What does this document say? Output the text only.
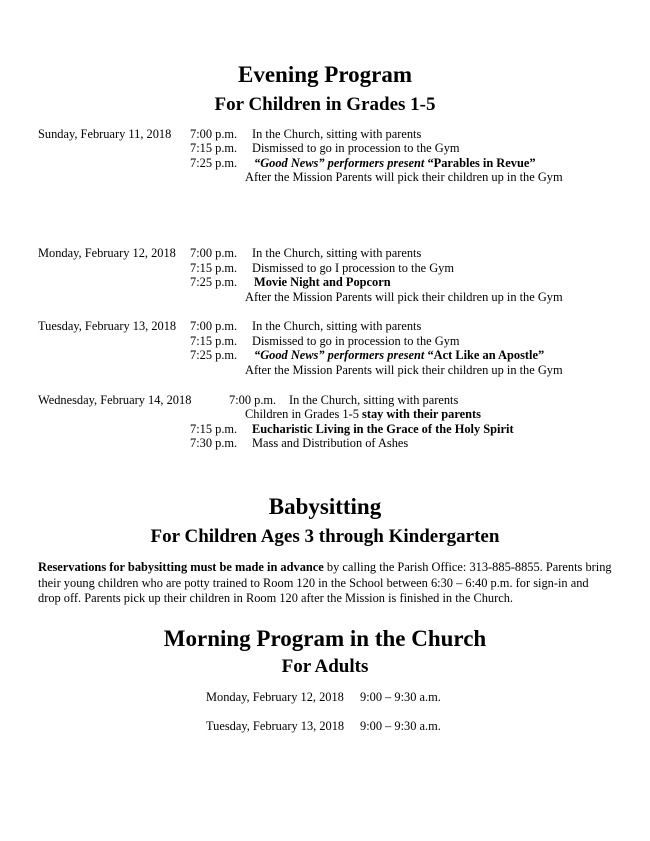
Evening Program
For Children in Grades 1-5
Sunday, February 11, 2018 7:00 p.m. In the Church, sitting with parents
7:15 p.m. Dismissed to go in procession to the Gym
7:25 p.m. “Good News” performers present “Parables in Revue”
After the Mission Parents will pick their children up in the Gym
Monday, February 12, 2018 7:00 p.m. In the Church, sitting with parents
7:15 p.m. Dismissed to go I procession to the Gym
7:25 p.m. Movie Night and Popcorn
After the Mission Parents will pick their children up in the Gym
Tuesday, February 13, 2018 7:00 p.m. In the Church, sitting with parents
7:15 p.m. Dismissed to go in procession to the Gym
7:25 p.m. “Good News” performers present “Act Like an Apostle”
After the Mission Parents will pick their children up in the Gym
Wednesday, February 14, 2018	7:00 p.m. In the Church, sitting with parents
Children in Grades 1-5 stay with their parents
7:15 p.m. Eucharistic Living in the Grace of the Holy Spirit
7:30 p.m. Mass and Distribution of Ashes
Babysitting
For Children Ages 3 through Kindergarten
Reservations for babysitting must be made in advance by calling the Parish Office: 313-885-8855. Parents bring their young children who are potty trained to Room 120 in the School between 6:30 – 6:40 p.m. for sign-in and drop off. Parents pick up their children in Room 120 after the Mission is finished in the Church.
Morning Program in the Church
For Adults
Monday, February 12, 2018 9:00 – 9:30 a.m.
Tuesday, February 13, 2018 9:00 – 9:30 a.m.
